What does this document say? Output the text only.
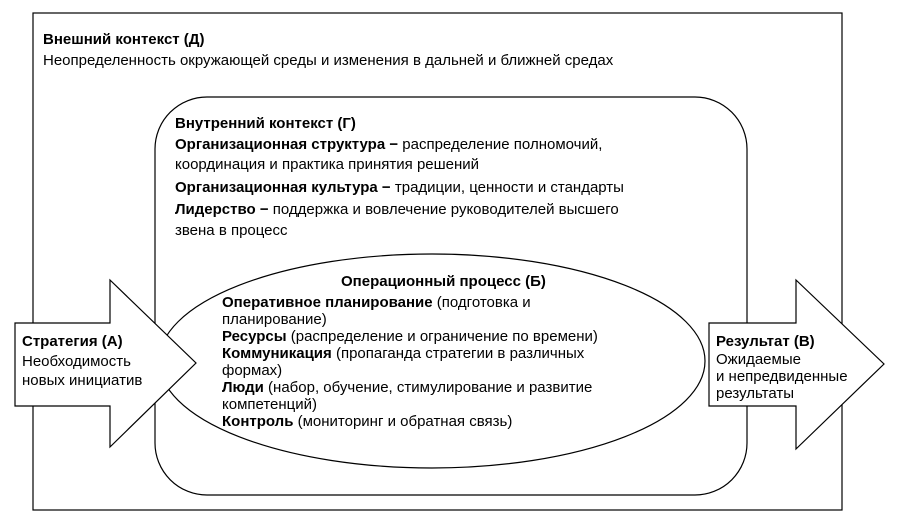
Внешний контекст (Д)
Неопределенность окружающей среды и изменения в дальней и ближней средах
Внутренний контекст (Г)
Организационная структура − распределение полномочий,
координация и практика принятия решений
Организационная культура − традиции, ценности и стандарты
Лидерство − поддержка и вовлечение руководителей высшего
звена в процесс
Операционный процесс (Б)
Оперативное планирование (подготовка и
планирование)
Ресурсы (распределение и ограничение по времени)
Коммуникация (пропаганда стратегии в различных
формах)
Люди (набор, обучение, стимулирование и развитие
компетенций)
Контроль (мониторинг и обратная связь)
Стратегия (А)
Необходимость
новых инициатив
Результат (В)
Ожидаемые
и непредвиденные
результаты
